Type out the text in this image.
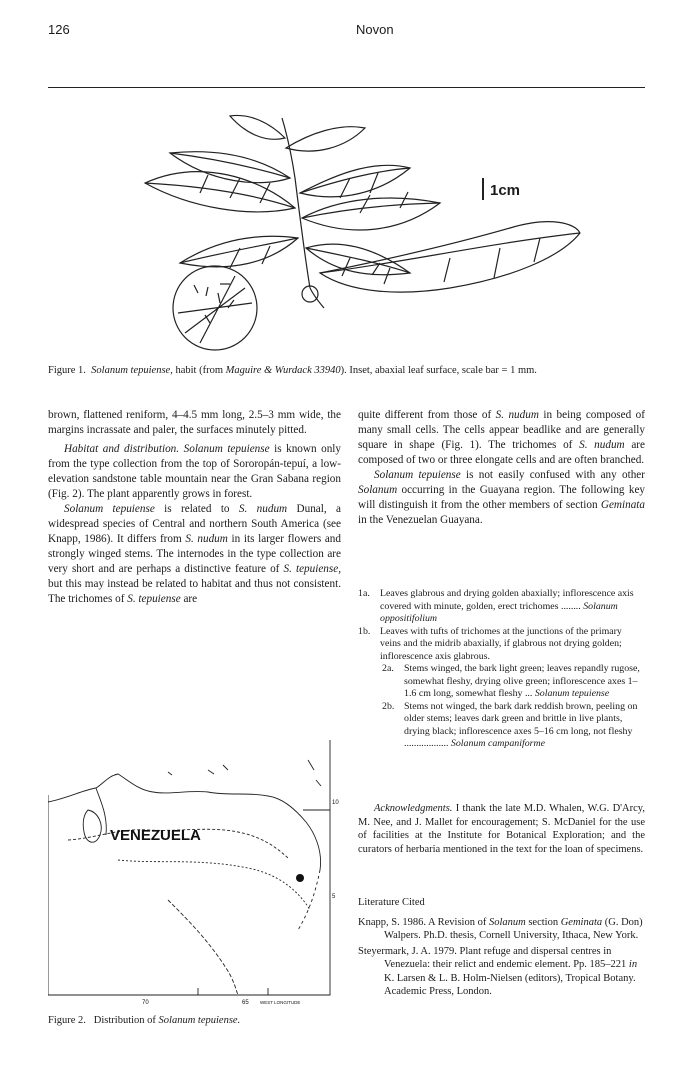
126	Novon
1cm
Figure 1. Solanum tepuiense, habit (from Maguire & Wurdack 33940). Inset, abaxial leaf surface, scale bar = 1 mm.

brown, flattened reniform, 4–4.5 mm long, 2.5–3 mm wide, the margins incrassate and paler, the surfaces minutely pitted.

Habitat and distribution. Solanum tepuiense is known only from the type collection from the top of Sororopán-tepuí, a low-elevation sandstone table mountain near the Gran Sabana region (Fig. 2). The plant apparently grows in forest.

Solanum tepuiense is related to S. nudum Dunal, a widespread species of Central and northern South America (see Knapp, 1986). It differs from S. nudum in its larger flowers and strongly winged stems. The internodes in the type collection are very short and are perhaps a distinctive feature of S. tepuiense, but this may instead be related to habitat and thus not consistent. The trichomes of S. tepuiense are

quite different from those of S. nudum in being composed of many small cells. The cells appear beadlike and are generally square in shape (Fig. 1). The trichomes of S. nudum are composed of two or three elongate cells and are often branched.

Solanum tepuiense is not easily confused with any other Solanum occurring in the Guayana region. The following key will distinguish it from the other members of section Geminata in the Venezuelan Guayana.

1a. Leaves glabrous and drying golden abaxially; inflorescence axis covered with minute, golden, erect trichomes ........ Solanum oppositifolium
1b. Leaves with tufts of trichomes at the junctions of the primary veins and the midrib abaxially, if glabrous not drying golden; inflorescence axis glabrous.
2a. Stems winged, the bark light green; leaves repandly rugose, somewhat fleshy, drying olive green; inflorescence axes 1–1.6 cm long, somewhat fleshy ... Solanum tepuiense
2b. Stems not winged, the bark dark reddish brown, peeling on older stems; leaves dark green and brittle in live plants, drying black; inflorescence axes 5–16 cm long, not fleshy .................. Solanum campaniforme

Acknowledgments. I thank the late M.D. Whalen, W.G. D'Arcy, M. Nee, and J. Mallet for encouragement; S. McDaniel for the use of facilities at the Institute for Botanical Exploration; and the curators of herbaria mentioned in the text for the loan of specimens.

Literature Cited

Knapp, S. 1986. A Revision of Solanum section Geminata (G. Don) Walpers. Ph.D. thesis, Cornell University, Ithaca, New York.

Steyermark, J. A. 1979. Plant refuge and dispersal centres in Venezuela: their relict and endemic element. Pp. 185–221 in K. Larsen & L. B. Holm-Nielsen (editors), Tropical Botany. Academic Press, London.

VENEZUELA
10
5
70	65	WEST LONGITUDE
Figure 2. Distribution of Solanum tepuiense.
